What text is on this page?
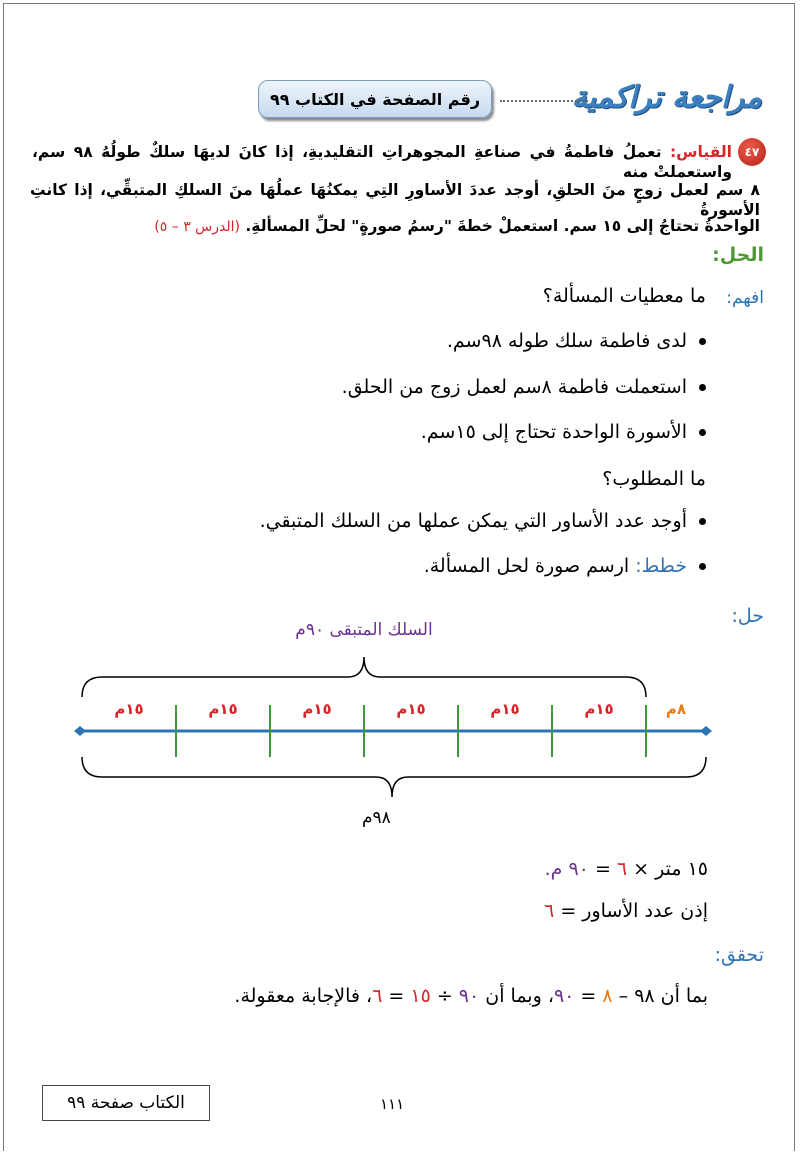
مراجعة تراكمية
رقم الصفحة في الكتاب ٩٩
٤٧
القياس: تعملُ فاطمةُ في صناعةِ المجوهراتِ التقليديةِ، إذا كانَ لديهَا سلكٌ طولُهُ ٩٨ سم، واستعملتْ منه
٨ سم لعمل زوجٍ منَ الحلقِ، أوجد عددَ الأساورِ التِي يمكنُهَا عملُهَا منَ السلكِ المتبقِّي، إذا كانتِ الأسورةُ
الواحدةُ تحتاجُ إلى ١٥ سم. استعملْ خطةَ "رسمُ صورةٍ" لحلِّ المسألةِ. (الدرس ٣ – ٥)
الحل:
افهم:
ما معطيات المسألة؟
لدى فاطمة سلك طوله ٩٨سم.
استعملت فاطمة ٨سم لعمل زوج من الحلق.
الأسورة الواحدة تحتاج إلى ١٥سم.
ما المطلوب؟
أوجد عدد الأساور التي يمكن عملها من السلك المتبقي.
خطط: ارسم صورة لحل المسألة.
حل:
السلك المتبقى ٩٠م
١٥م	١٥م	١٥م	١٥م	١٥م	١٥م	٨م
٩٨م
١٥ متر × ٦ = ٩٠ م.
إذن عدد الأساور = ٦
تحقق:
بما أن ٩٨ – ٨ = ٩٠، وبما أن ٩٠ ÷ ١٥ = ٦، فالإجابة معقولة.
١١١
الكتاب صفحة ٩٩
